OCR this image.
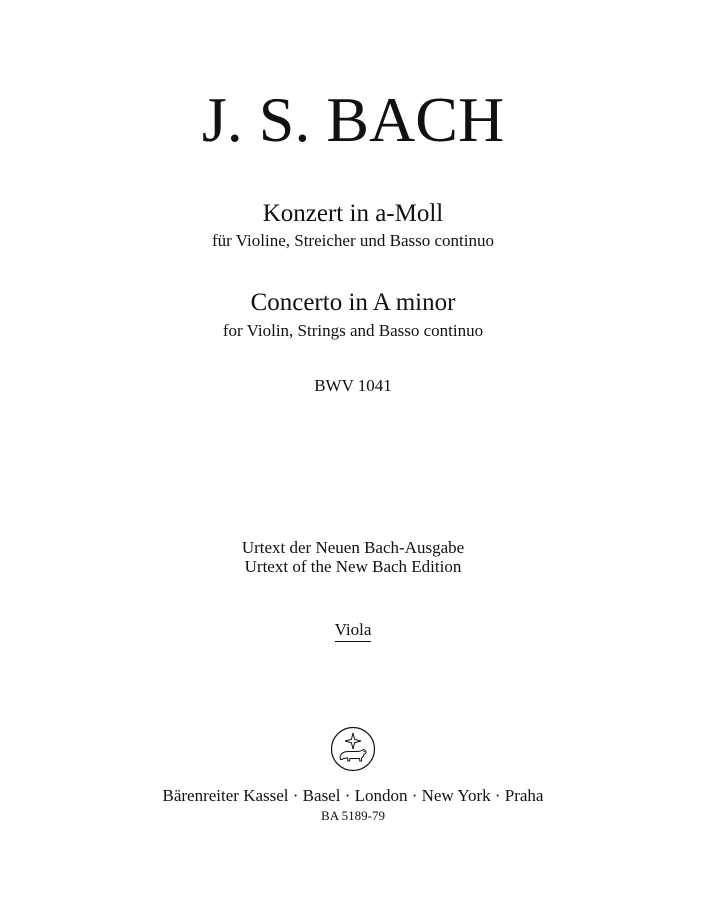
J. S. BACH
Konzert in a-Moll
für Violine, Streicher und Basso continuo
Concerto in A minor
for Violin, Strings and Basso continuo
BWV 1041
Urtext der Neuen Bach-Ausgabe
Urtext of the New Bach Edition
Viola
Bärenreiter Kassel · Basel · London · New York · Praha
BA 5189-79
